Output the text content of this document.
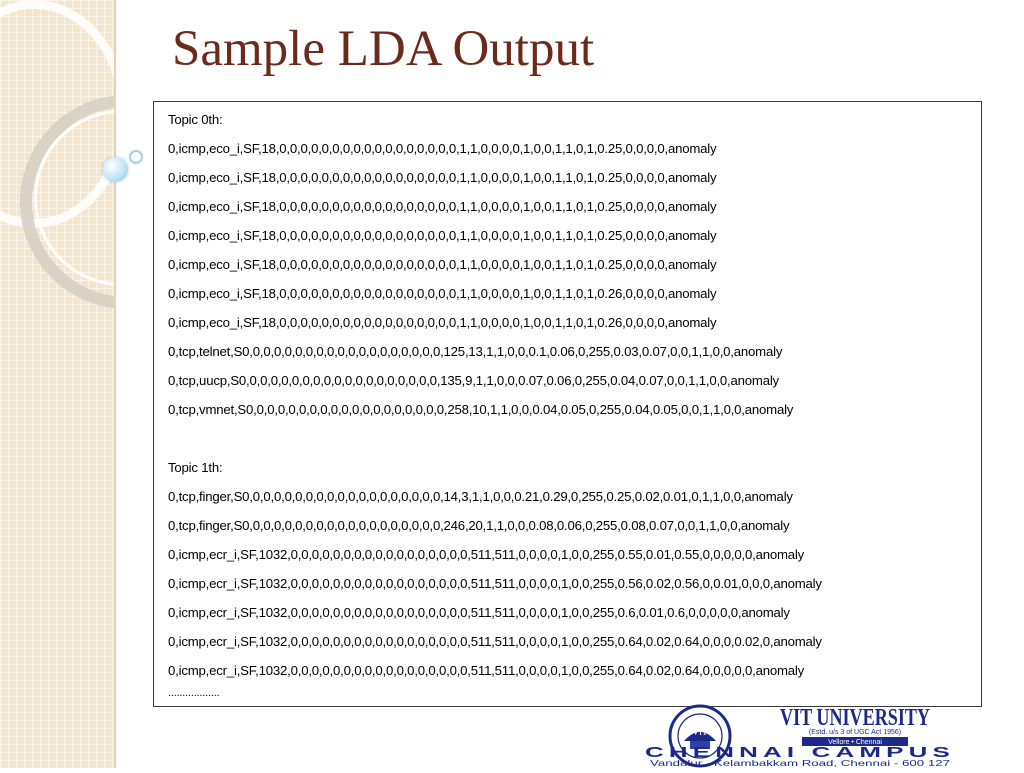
Sample LDA Output
Topic 0th:
0,icmp,eco_i,SF,18,0,0,0,0,0,0,0,0,0,0,0,0,0,0,0,0,0,1,1,0,0,0,0,1,0,0,1,1,0,1,0.25,0,0,0,0,anomaly
0,icmp,eco_i,SF,18,0,0,0,0,0,0,0,0,0,0,0,0,0,0,0,0,0,1,1,0,0,0,0,1,0,0,1,1,0,1,0.25,0,0,0,0,anomaly
0,icmp,eco_i,SF,18,0,0,0,0,0,0,0,0,0,0,0,0,0,0,0,0,0,1,1,0,0,0,0,1,0,0,1,1,0,1,0.25,0,0,0,0,anomaly
0,icmp,eco_i,SF,18,0,0,0,0,0,0,0,0,0,0,0,0,0,0,0,0,0,1,1,0,0,0,0,1,0,0,1,1,0,1,0.25,0,0,0,0,anomaly
0,icmp,eco_i,SF,18,0,0,0,0,0,0,0,0,0,0,0,0,0,0,0,0,0,1,1,0,0,0,0,1,0,0,1,1,0,1,0.25,0,0,0,0,anomaly
0,icmp,eco_i,SF,18,0,0,0,0,0,0,0,0,0,0,0,0,0,0,0,0,0,1,1,0,0,0,0,1,0,0,1,1,0,1,0.26,0,0,0,0,anomaly
0,icmp,eco_i,SF,18,0,0,0,0,0,0,0,0,0,0,0,0,0,0,0,0,0,1,1,0,0,0,0,1,0,0,1,1,0,1,0.26,0,0,0,0,anomaly
0,tcp,telnet,S0,0,0,0,0,0,0,0,0,0,0,0,0,0,0,0,0,0,0,125,13,1,1,0,0,0.1,0.06,0,255,0.03,0.07,0,0,1,1,0,0,anomaly
0,tcp,uucp,S0,0,0,0,0,0,0,0,0,0,0,0,0,0,0,0,0,0,0,135,9,1,1,0,0,0.07,0.06,0,255,0.04,0.07,0,0,1,1,0,0,anomaly
0,tcp,vmnet,S0,0,0,0,0,0,0,0,0,0,0,0,0,0,0,0,0,0,0,258,10,1,1,0,0,0.04,0.05,0,255,0.04,0.05,0,0,1,1,0,0,anomaly
Topic 1th:
0,tcp,finger,S0,0,0,0,0,0,0,0,0,0,0,0,0,0,0,0,0,0,0,14,3,1,1,0,0,0.21,0.29,0,255,0.25,0.02,0.01,0,1,1,0,0,anomaly
0,tcp,finger,S0,0,0,0,0,0,0,0,0,0,0,0,0,0,0,0,0,0,0,246,20,1,1,0,0,0.08,0.06,0,255,0.08,0.07,0,0,1,1,0,0,anomaly
0,icmp,ecr_i,SF,1032,0,0,0,0,0,0,0,0,0,0,0,0,0,0,0,0,0,511,511,0,0,0,0,1,0,0,255,0.55,0.01,0.55,0,0,0,0,0,anomaly
0,icmp,ecr_i,SF,1032,0,0,0,0,0,0,0,0,0,0,0,0,0,0,0,0,0,511,511,0,0,0,0,1,0,0,255,0.56,0.02,0.56,0,0.01,0,0,0,anomaly
0,icmp,ecr_i,SF,1032,0,0,0,0,0,0,0,0,0,0,0,0,0,0,0,0,0,511,511,0,0,0,0,1,0,0,255,0.6,0.01,0.6,0,0,0,0,0,anomaly
0,icmp,ecr_i,SF,1032,0,0,0,0,0,0,0,0,0,0,0,0,0,0,0,0,0,511,511,0,0,0,0,1,0,0,255,0.64,0.02,0.64,0,0,0,0.02,0,anomaly
0,icmp,ecr_i,SF,1032,0,0,0,0,0,0,0,0,0,0,0,0,0,0,0,0,0,511,511,0,0,0,0,1,0,0,255,0.64,0.02,0.64,0,0,0,0,0,anomaly
..................
VIT
VIT UNIVERSITY
(Estd. u/s 3 of UGC Act 1956)
Vellore • Chennai
CHENNAI CAMPUS
Vandalur - Kelambakkam Road, Chennai - 600 127
